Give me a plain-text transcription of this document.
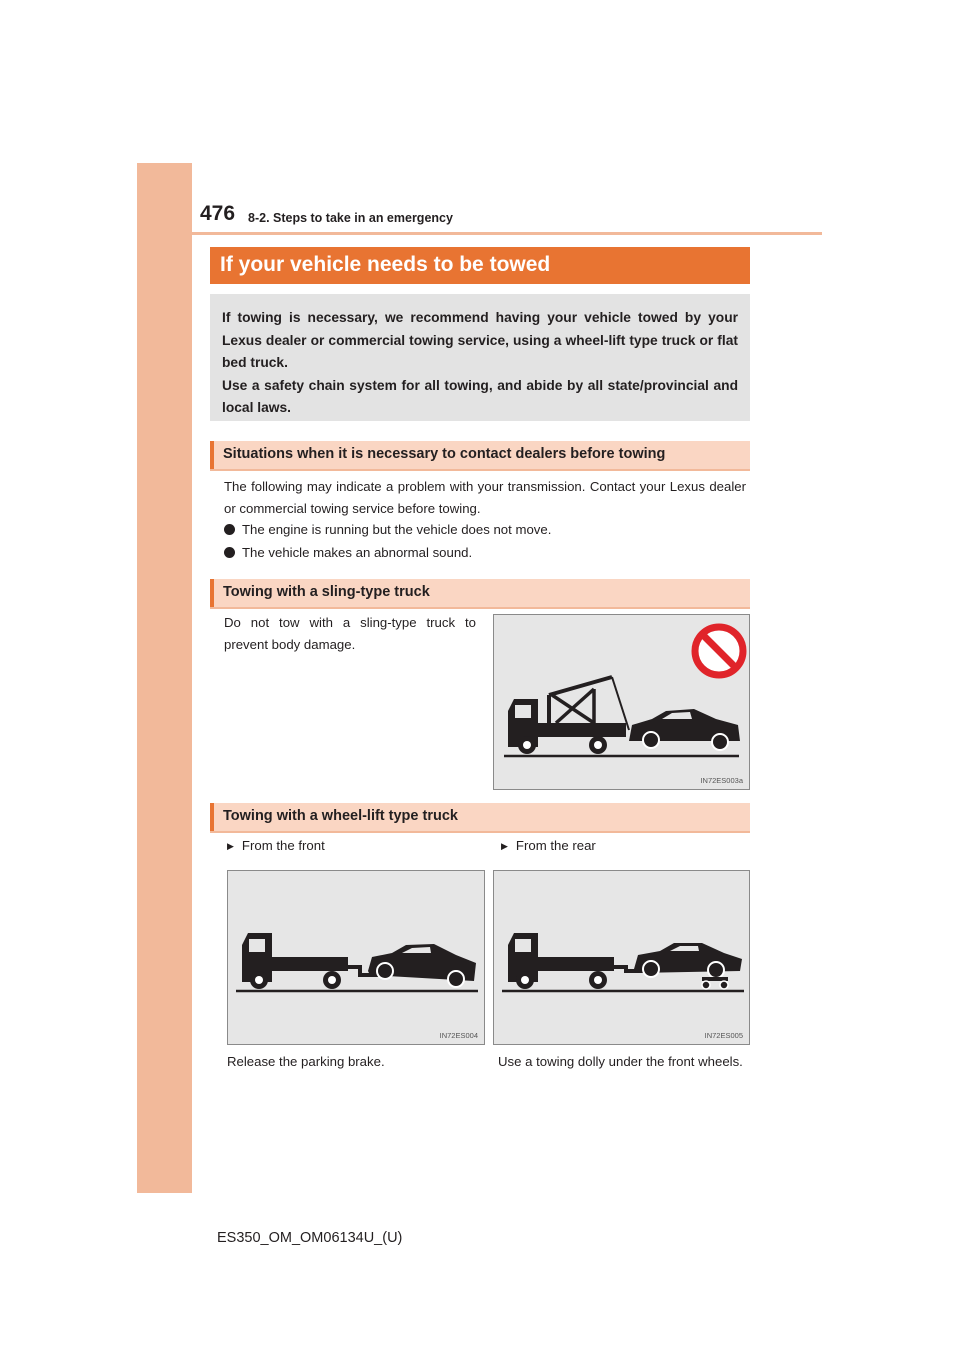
476 8-2. Steps to take in an emergency
If your vehicle needs to be towed

If towing is necessary, we recommend having your vehicle towed by your Lexus dealer or commercial towing service, using a wheel-lift type truck or flat bed truck.

Use a safety chain system for all towing, and abide by all state/provincial and local laws.

Situations when it is necessary to contact dealers before towing
The following may indicate a problem with your transmission. Contact your Lexus dealer or commercial towing service before towing.
The engine is running but the vehicle does not move.
The vehicle makes an abnormal sound.
Towing with a sling-type truck
Do not tow with a sling-type truck to prevent body damage.
IN72ES003a
Towing with a wheel-lift type truck
▶ From the front	▶ From the rear
IN72ES004	IN72ES005
Release the parking brake.	Use a towing dolly under the front wheels.
ES350_OM_OM06134U_(U)
